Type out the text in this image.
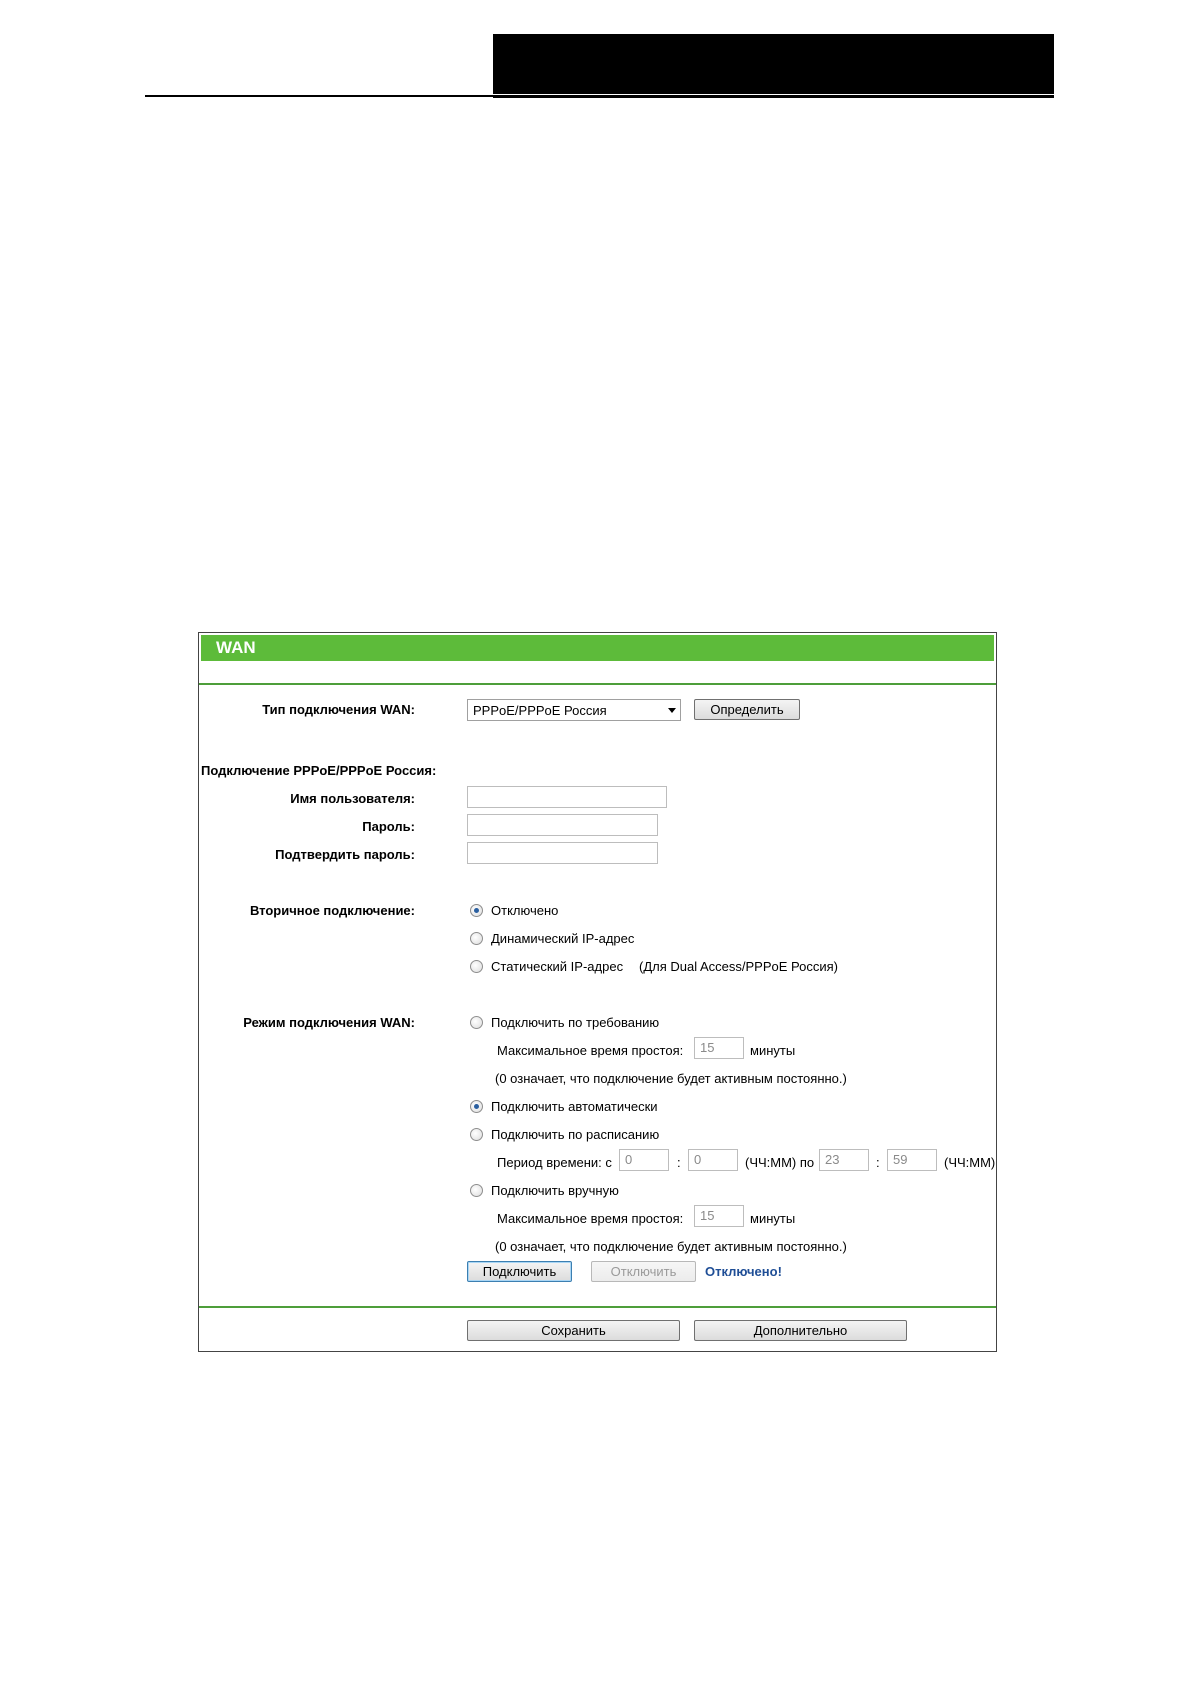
WAN
Тип подключения WAN:	PPPoE/PPPoE Россия	Определить
Подключение PPPoE/PPPoE Россия:
Имя пользователя:
Пароль:
Подтвердить пароль:
Вторичное подключение:	Отключено
Динамический IP-адрес
Статический IP-адрес (Для Dual Access/PPPoE Россия)
Режим подключения WAN:	Подключить по требованию
Максимальное время простоя:	15	минуты
(0 означает, что подключение будет активным постоянно.)
Подключить автоматически
Подключить по расписанию
Период времени: с	0	:	0	(ЧЧ:ММ) по 23	:	59	(ЧЧ:ММ)
Подключить вручную
Максимальное время простоя:	15	минуты
(0 означает, что подключение будет активным постоянно.)
Подключить	Отключить	Отключено!
Сохранить	Дополнительно
